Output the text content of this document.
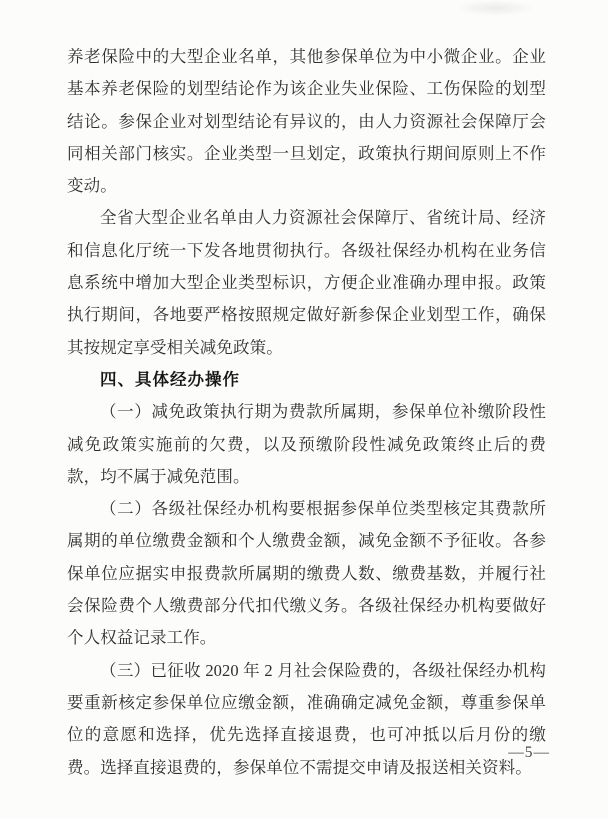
养老保险中的大型企业名单，其他参保单位为中小微企业。企业基本养老保险的划型结论作为该企业失业保险、工伤保险的划型结论。参保企业对划型结论有异议的，由人力资源社会保障厅会同相关部门核实。企业类型一旦划定，政策执行期间原则上不作变动。

全省大型企业名单由人力资源社会保障厅、省统计局、经济和信息化厅统一下发各地贯彻执行。各级社保经办机构在业务信息系统中增加大型企业类型标识，方便企业准确办理申报。政策执行期间，各地要严格按照规定做好新参保企业划型工作，确保其按规定享受相关减免政策。

四、具体经办操作

（一）减免政策执行期为费款所属期，参保单位补缴阶段性减免政策实施前的欠费，以及预缴阶段性减免政策终止后的费款，均不属于减免范围。

（二）各级社保经办机构要根据参保单位类型核定其费款所属期的单位缴费金额和个人缴费金额，减免金额不予征收。各参保单位应据实申报费款所属期的缴费人数、缴费基数，并履行社会保险费个人缴费部分代扣代缴义务。各级社保经办机构要做好个人权益记录工作。

（三）已征收 2020 年 2 月社会保险费的，各级社保经办机构要重新核定参保单位应缴金额，准确确定减免金额，尊重参保单位的意愿和选择，优先选择直接退费，也可冲抵以后月份的缴费。选择直接退费的，参保单位不需提交申请及报送相关资料。

—5—
